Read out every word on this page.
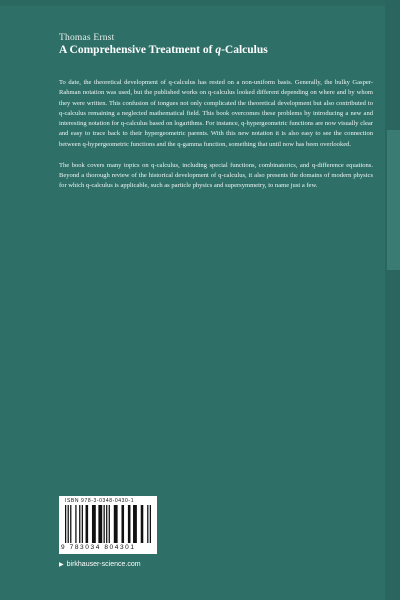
Thomas Ernst
A Comprehensive Treatment of q-Calculus

To date, the theoretical development of q-calculus has rested on a non-uniform basis. Generally, the bulky Gasper-Rahman notation was used, but the published works on q-calculus looked different depending on where and by whom they were written. This confusion of tongues not only complicated the theoretical development but also contributed to q-calculus remaining a neglected mathematical field. This book overcomes these problems by introducing a new and interesting notation for q-calculus based on logarithms. For instance, q-hypergeometric functions are now visually clear and easy to trace back to their hypergeometric parents. With this new notation it is also easy to see the connection between q-hypergeometric functions and the q-gamma function, something that until now has been overlooked.

The book covers many topics on q-calculus, including special functions, combinatorics, and q-difference equations. Beyond a thorough review of the historical development of q-calculus, it also presents the domains of modern physics for which q-calculus is applicable, such as particle physics and supersymmetry, to name just a few.

ISBN 978-3-0348-0430-1
9 783034 804301
▶ birkhauser-science.com
